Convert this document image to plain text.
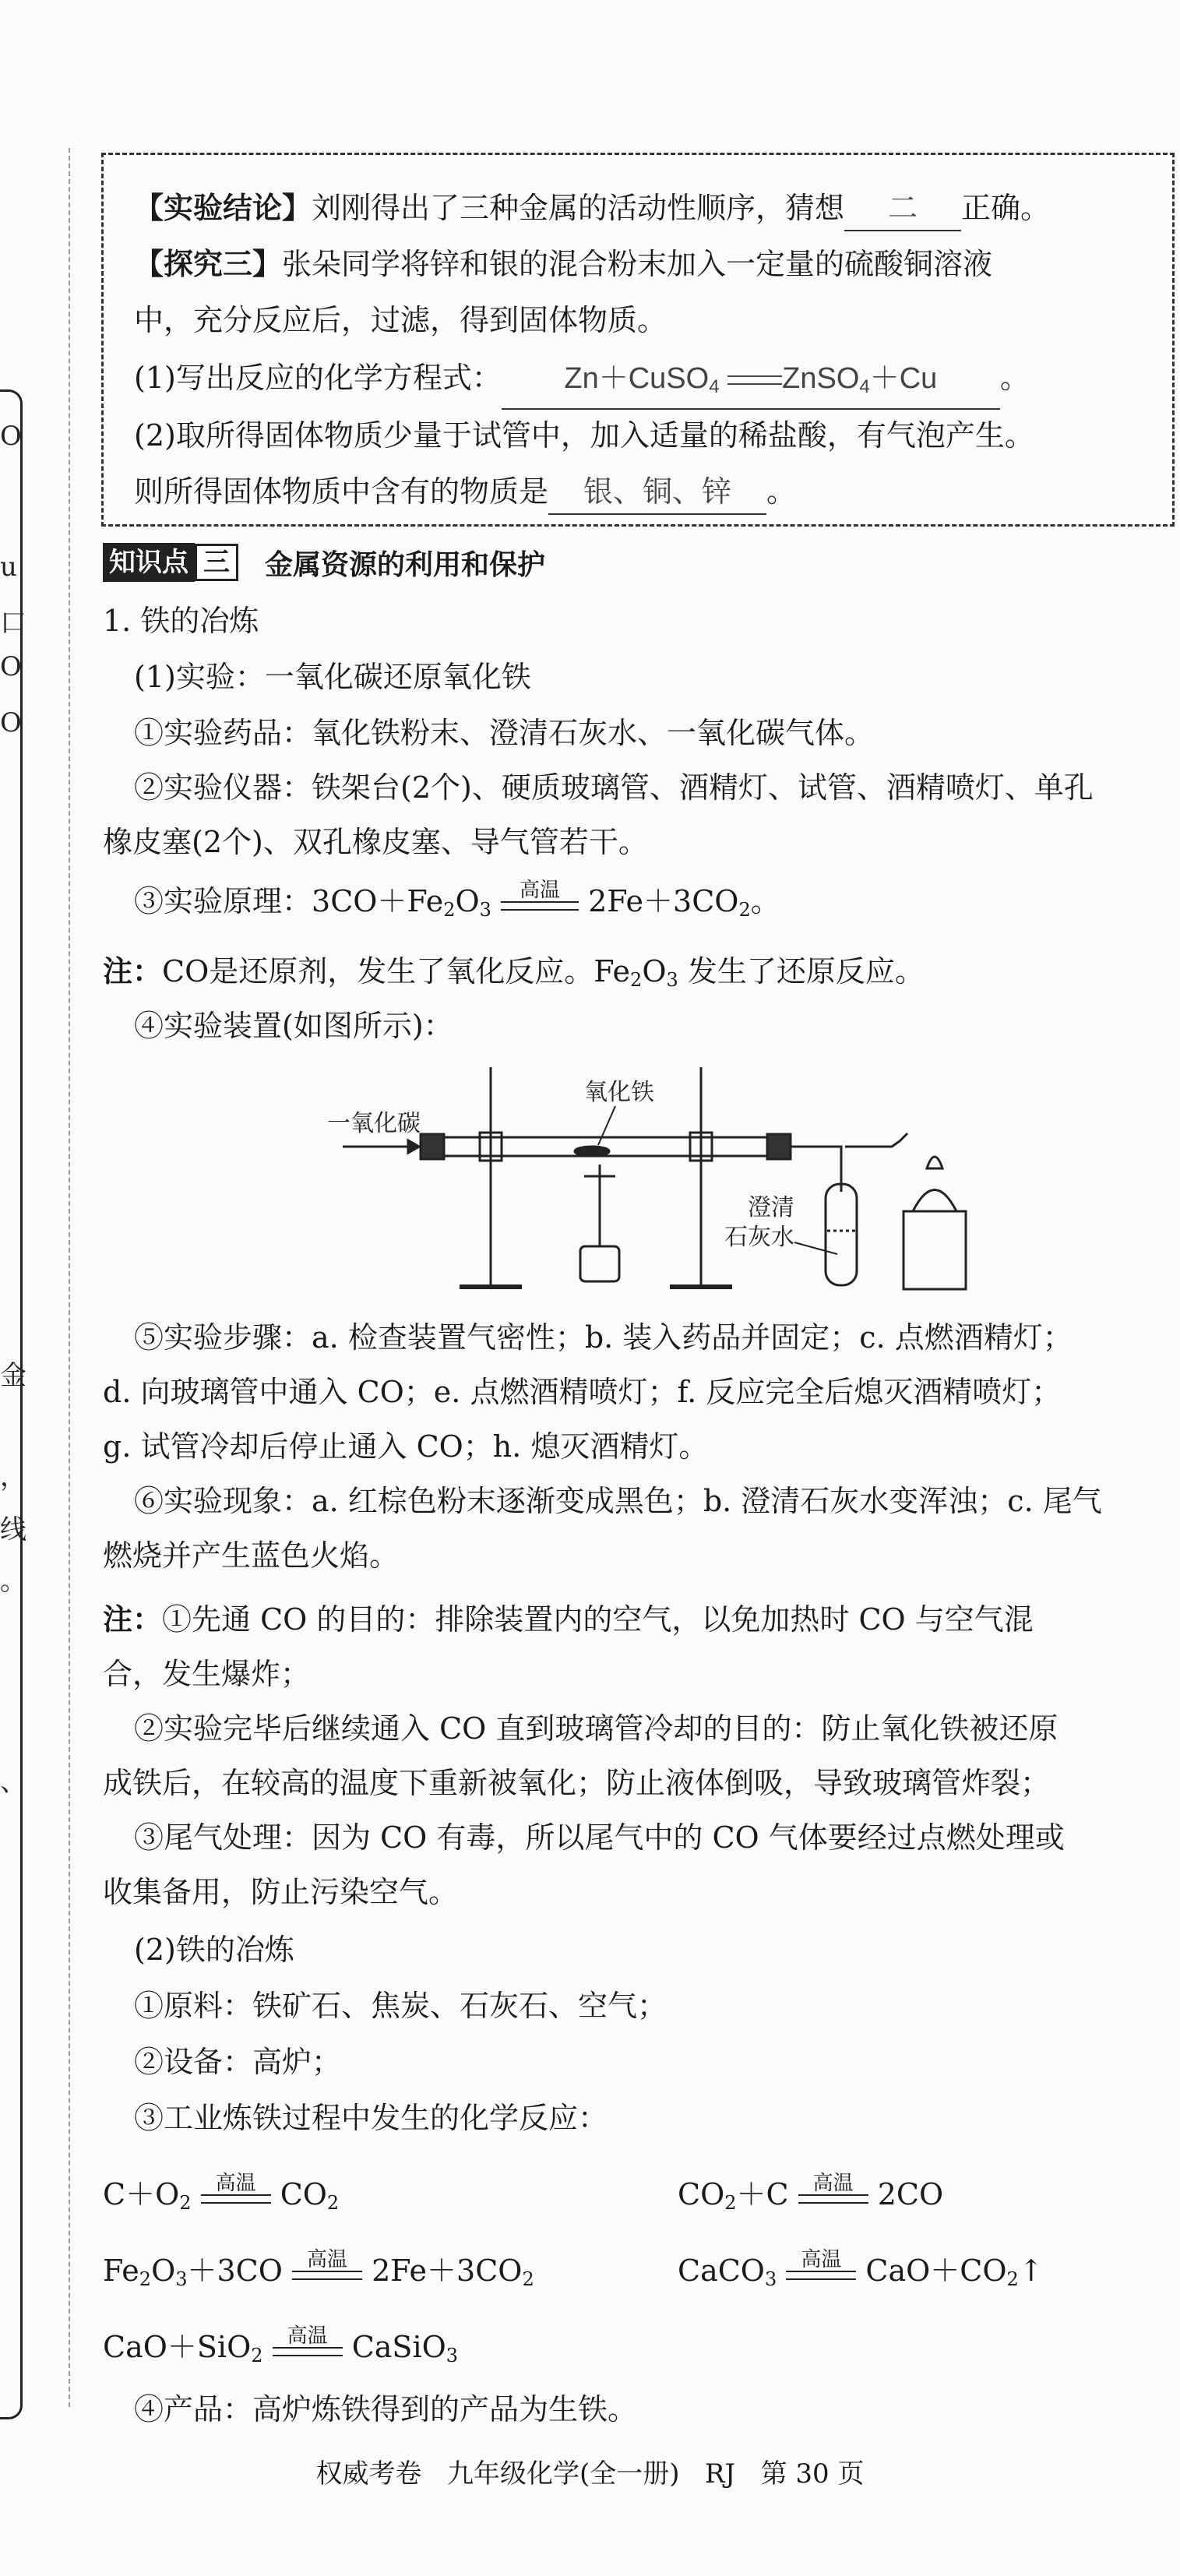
O
u
口
O
O
金
，
线
。
、
【实验结论】刘刚得出了三种金属的活动性顺序，猜想 二 正确。
【探究三】张朵同学将锌和银的混合粉末加入一定量的硫酸铜溶液
中，充分反应后，过滤，得到固体物质。
(1)写出反应的化学方程式： Zn＋CuSO$_4$ ZnSO$_4$＋Cu 。
(2)取所得固体物质少量于试管中，加入适量的稀盐酸，有气泡产生。
则所得固体物质中含有的物质是 银、铜、锌 。
知识点 三	金属资源的利用和保护
1. 铁的冶炼
(1)实验：一氧化碳还原氧化铁
①实验药品：氧化铁粉末、澄清石灰水、一氧化碳气体。
②实验仪器：铁架台(2个)、硬质玻璃管、酒精灯、试管、酒精喷灯、单孔
橡皮塞(2个)、双孔橡皮塞、导气管若干。
③实验原理：$3CO+Fe_2O_3$
高温 $2Fe+3CO_2$。
注：CO是还原剂，发生了氧化反应。$Fe_2O_3$ 发生了还原反应。
④实验装置(如图所示)：
一氧化碳
氧化铁
澄清
石灰水
⑤实验步骤：a. 检查装置气密性；b. 装入药品并固定；c. 点燃酒精灯；
d. 向玻璃管中通入 CO；e. 点燃酒精喷灯；f. 反应完全后熄灭酒精喷灯；
g. 试管冷却后停止通入 CO；h. 熄灭酒精灯。
⑥实验现象：a. 红棕色粉末逐渐变成黑色；b. 澄清石灰水变浑浊；c. 尾气
燃烧并产生蓝色火焰。
注：①先通 CO 的目的：排除装置内的空气，以免加热时 CO 与空气混
合，发生爆炸；
②实验完毕后继续通入 CO 直到玻璃管冷却的目的：防止氧化铁被还原
成铁后，在较高的温度下重新被氧化；防止液体倒吸，导致玻璃管炸裂；
③尾气处理：因为 CO 有毒，所以尾气中的 CO 气体要经过点燃处理或
收集备用，防止污染空气。
(2)铁的冶炼
①原料：铁矿石、焦炭、石灰石、空气；
②设备：高炉；
③工业炼铁过程中发生的化学反应：
$C+O_2$
高温 $CO_2$	$CO_2+C$ 高温 2CO
$Fe_2O_3+3CO$ 高温 $2Fe+3CO_2$	CaCO$_3$
高温 $CaO+CO_2↑$
CaO＋SiO$_2$
高温 CaSiO$_3$
④产品：高炉炼铁得到的产品为生铁。
权威考卷   九年级化学(全一册)   RJ   第 30 页
